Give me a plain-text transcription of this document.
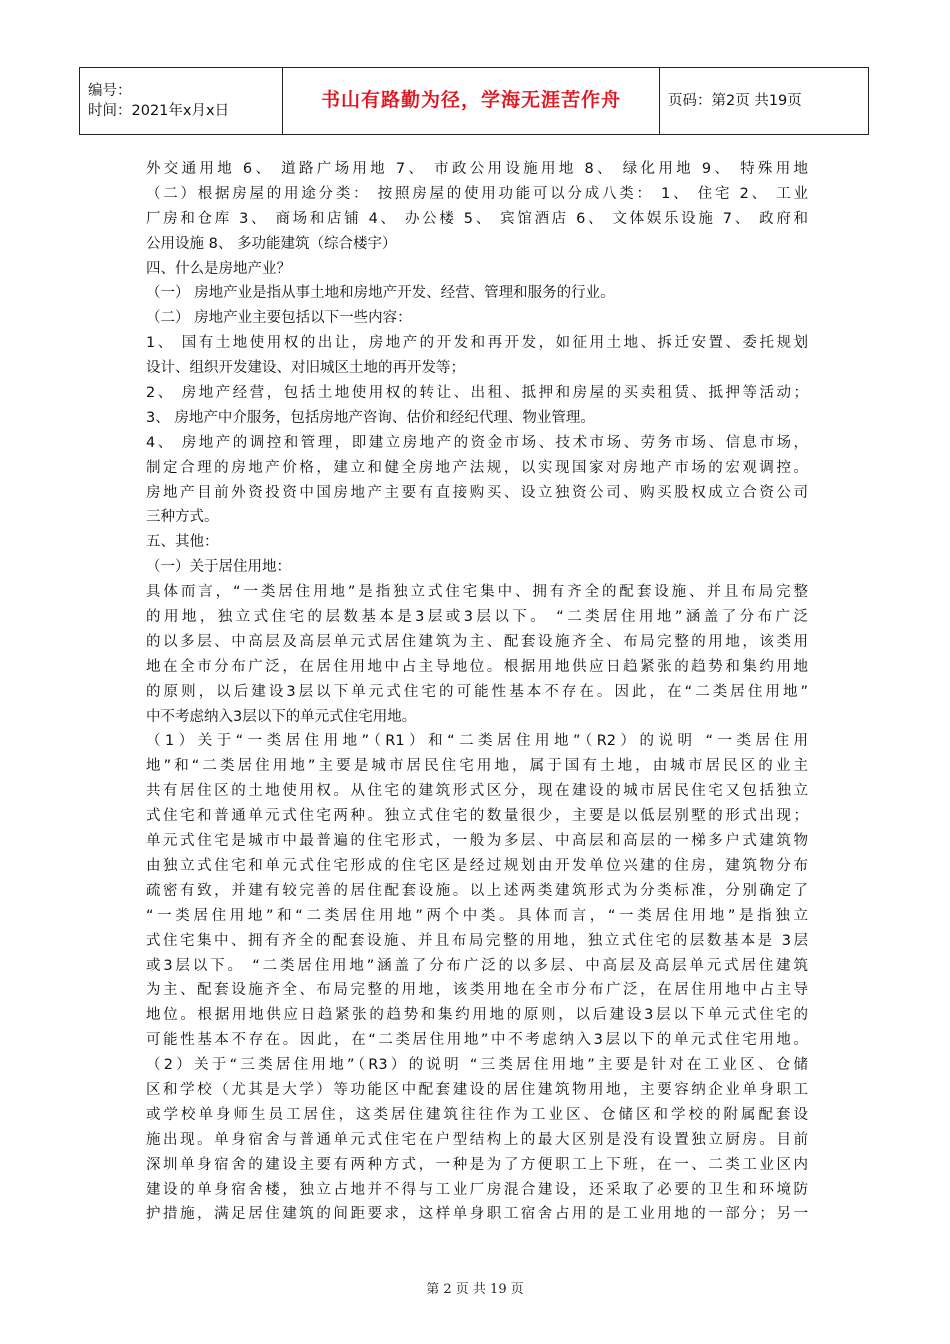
编号：
时间：2021年x月x日	书山有路勤为径，学海无涯苦作舟	页码：第2页 共19页
外交通用地 6、 道路广场用地 7、 市政公用设施用地 8、 绿化用地 9、 特殊用地
（二）根据房屋的用途分类： 按照房屋的使用功能可以分成八类： 1、 住宅 2、 工业
厂房和仓库 3、 商场和店铺 4、 办公楼 5、 宾馆酒店 6、 文体娱乐设施 7、 政府和
公用设施 8、 多功能建筑（综合楼宇）
四、什么是房地产业？
（一） 房地产业是指从事土地和房地产开发、经营、管理和服务的行业。
（二） 房地产业主要包括以下一些内容：
1、 国有土地使用权的出让，房地产的开发和再开发，如征用土地、拆迁安置、委托规划
设计、组织开发建设、对旧城区土地的再开发等；
2、 房地产经营，包括土地使用权的转让、出租、抵押和房屋的买卖租赁、抵押等活动；
3、 房地产中介服务，包括房地产咨询、估价和经纪代理、物业管理。
4、 房地产的调控和管理，即建立房地产的资金市场、技术市场、劳务市场、信息市场，
制定合理的房地产价格，建立和健全房地产法规，以实现国家对房地产市场的宏观调控。
房地产目前外资投资中国房地产主要有直接购买、设立独资公司、购买股权成立合资公司
三种方式。
五、其他：
（一）关于居住用地：
具体而言，“一类居住用地”是指独立式住宅集中、拥有齐全的配套设施、并且布局完整
的用地，独立式住宅的层数基本是3层或3层以下。 “二类居住用地”涵盖了分布广泛
的以多层、中高层及高层单元式居住建筑为主、配套设施齐全、布局完整的用地，该类用
地在全市分布广泛，在居住用地中占主导地位。根据用地供应日趋紧张的趋势和集约用地
的原则，以后建设3层以下单元式住宅的可能性基本不存在。因此，在“二类居住用地”
中不考虑纳入3层以下的单元式住宅用地。
（1）关于“一类居住用地”（R1）和“二类居住用地”（R2）的说明 “一类居住用
地”和“二类居住用地”主要是城市居民住宅用地，属于国有土地，由城市居民区的业主
共有居住区的土地使用权。从住宅的建筑形式区分，现在建设的城市居民住宅又包括独立
式住宅和普通单元式住宅两种。独立式住宅的数量很少，主要是以低层别墅的形式出现；
单元式住宅是城市中最普遍的住宅形式，一般为多层、中高层和高层的一梯多户式建筑物
由独立式住宅和单元式住宅形成的住宅区是经过规划由开发单位兴建的住房，建筑物分布
疏密有致，并建有较完善的居住配套设施。以上述两类建筑形式为分类标准，分别确定了
“一类居住用地”和“二类居住用地”两个中类。具体而言，“一类居住用地”是指独立
式住宅集中、拥有齐全的配套设施、并且布局完整的用地，独立式住宅的层数基本是 3层
或3层以下。 “二类居住用地”涵盖了分布广泛的以多层、中高层及高层单元式居住建筑
为主、配套设施齐全、布局完整的用地，该类用地在全市分布广泛，在居住用地中占主导
地位。根据用地供应日趋紧张的趋势和集约用地的原则，以后建设3层以下单元式住宅的
可能性基本不存在。因此，在“二类居住用地”中不考虑纳入3层以下的单元式住宅用地。
（2）关于“三类居住用地”（R3）的说明 “三类居住用地”主要是针对在工业区、仓储
区和学校（尤其是大学）等功能区中配套建设的居住建筑物用地，主要容纳企业单身职工
或学校单身师生员工居住，这类居住建筑往往作为工业区、仓储区和学校的附属配套设
施出现。单身宿舍与普通单元式住宅在户型结构上的最大区别是没有设置独立厨房。目前
深圳单身宿舍的建设主要有两种方式，一种是为了方便职工上下班，在一、二类工业区内
建设的单身宿舍楼，独立占地并不得与工业厂房混合建设，还采取了必要的卫生和环境防
护措施，满足居住建筑的间距要求，这样单身职工宿舍占用的是工业用地的一部分；另一
第 2 页 共 19 页
